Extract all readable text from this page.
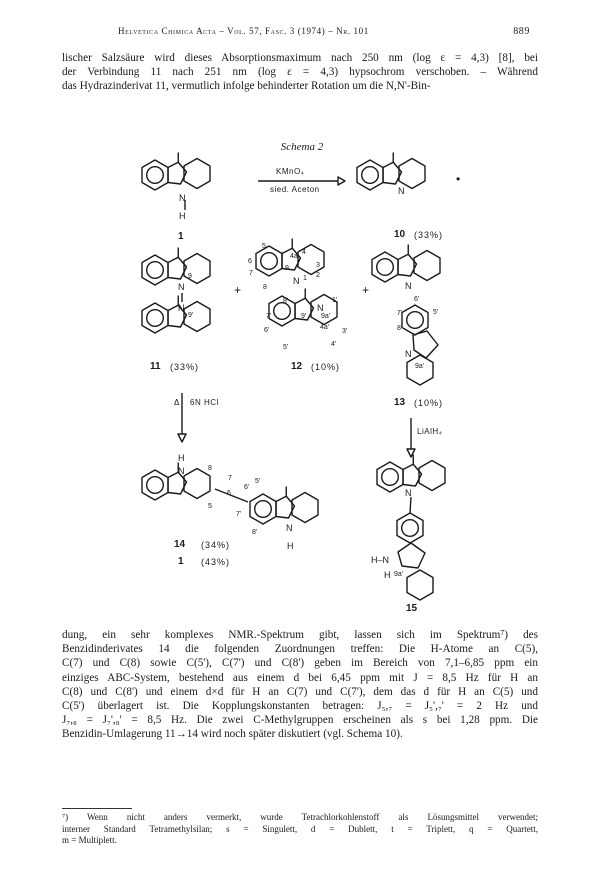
Helvetica Chimica Acta – Vol. 57, Fasc. 3 (1974) – Nr. 101	889
lischer Salzsäure wird dieses Absorptionsmaximum nach 250 nm (log ε = 4,3) [8], bei
der Verbindung 11 nach 251 nm (log ε = 4,3) hypsochrom verschoben. – Während
das Hydrazinderivat 11, vermutlich infolge behinderter Rotation um die N,N'-Bin-
Schema 2
KMnO₄
sied. Aceton
Δ 6N HCl
LiAlH₄
+	+
•
N
H
N
N
N
9
9'
N
N
5
6
7
8
9
4a
4
3
2
1
8'
7'
6'
5'
1'
9a'
4a'
3'
4'
9'
N
N
6'
7'
8'
5'
9a'
H
N
N
H
8
7
6
5
6'
5'
7'
8'
N
H–N
H 9a'
1	10 (33%)
11 (33%)	12 (10%)
13 (10%)
14 (34%)
1 (43%)
15
dung, ein sehr komplexes NMR.-Spektrum gibt, lassen sich im Spektrum⁷) des
Benzidinderivates 14 die folgenden Zuordnungen treffen: Die H-Atome an C(5),
C(7) und C(8) sowie C(5'), C(7') und C(8') geben im Bereich von 7,1–6,85 ppm ein
einziges ABC-System, bestehend aus einem d bei 6,45 ppm mit J = 8,5 Hz für H an
C(8) und C(8') und einem d×d für H an C(7) und C(7'), dem das d für H an C(5) und
C(5') überlagert ist. Die Kopplungskonstanten betragen: J₅,₇ = J₅',₇' = 2 Hz und
J₇,₈ = J₇',₈' = 8,5 Hz. Die zwei C-Methylgruppen erscheinen als s bei 1,28 ppm. Die
Benzidin-Umlagerung 11→14 wird noch später diskutiert (vgl. Schema 10).
⁷) Wenn nicht anders vermerkt, wurde Tetrachlorkohlenstoff als Lösungsmittel verwendet;
interner Standard Tetramethylsilan; s = Singulett, d = Dublett, t = Triplett, q = Quartett,
m = Multiplett.
